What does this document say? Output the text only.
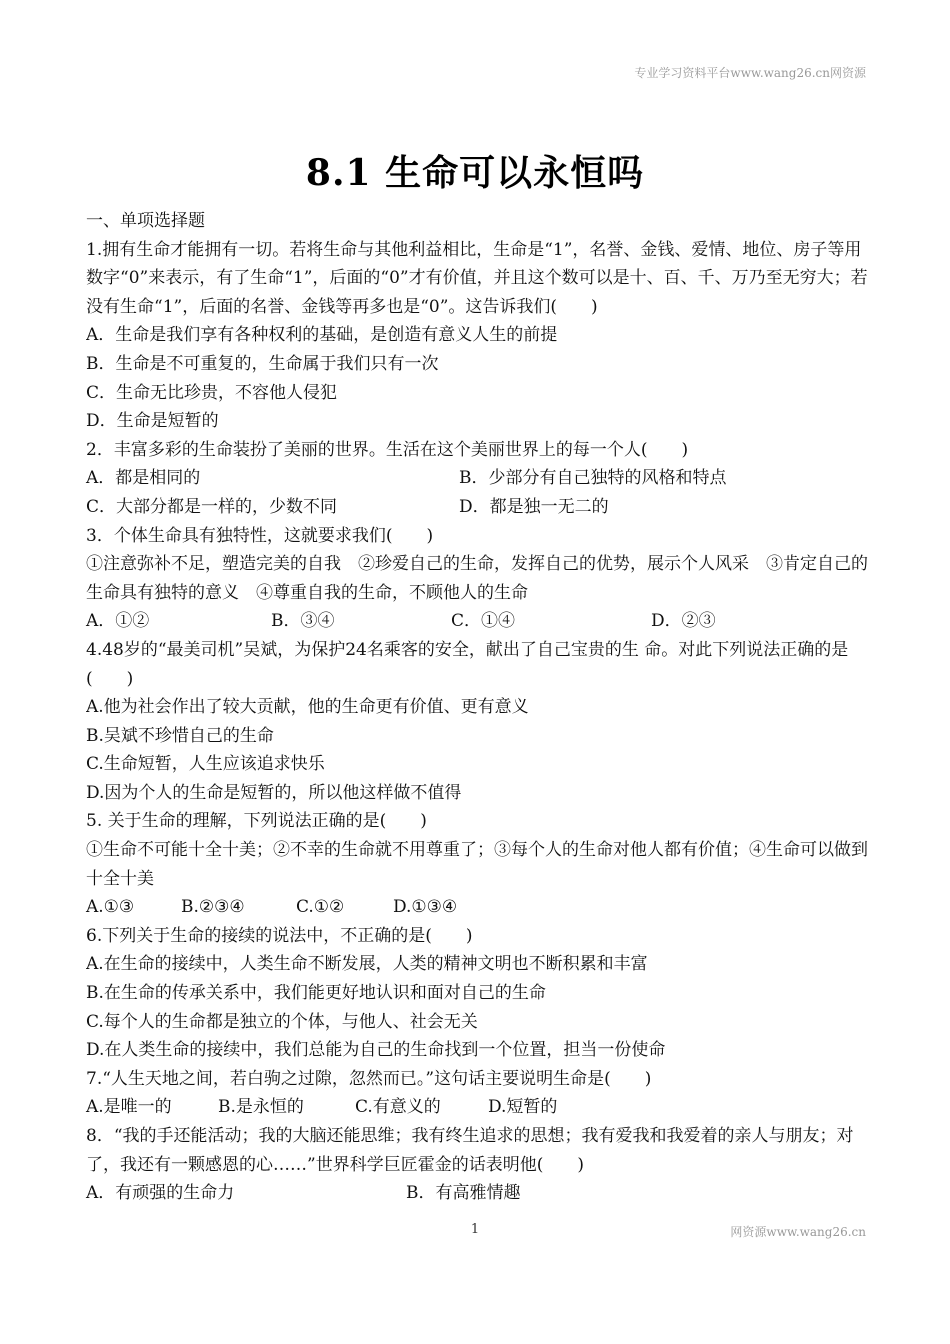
专业学习资料平台www.wang26.cn网资源
8.1 生命可以永恒吗
一、单项选择题
1.拥有生命才能拥有一切。若将生命与其他利益相比，生命是“1”，名誉、金钱、爱情、地位、房子等用数字“0”来表示，有了生命“1”，后面的“0”才有价值，并且这个数可以是十、百、千、万乃至无穷大；若没有生命“1”，后面的名誉、金钱等再多也是“0”。这告诉我们(　　)
A．生命是我们享有各种权利的基础，是创造有意义人生的前提
B．生命是不可重复的，生命属于我们只有一次
C．生命无比珍贵，不容他人侵犯
D．生命是短暂的
2．丰富多彩的生命装扮了美丽的世界。生活在这个美丽世界上的每一个人(　　)
A．都是相同的	B．少部分有自己独特的风格和特点
C．大部分都是一样的，少数不同	D．都是独一无二的
3．个体生命具有独特性，这就要求我们(　　)
①注意弥补不足，塑造完美的自我　②珍爱自己的生命，发挥自己的优势，展示个人风采　③肯定自己的生命具有独特的意义　④尊重自我的生命，不顾他人的生命
A．①②	B．③④	C．①④	D．②③
4.48岁的“最美司机”吴斌，为保护24名乘客的安全，献出了自己宝贵的生 命。对此下列说法正确的是(　　)
A.他为社会作出了较大贡献，他的生命更有价值、更有意义
B.吴斌不珍惜自己的生命
C.生命短暂，人生应该追求快乐
D.因为个人的生命是短暂的，所以他这样做不值得
5. 关于生命的理解，下列说法正确的是(　　)
①生命不可能十全十美；②不幸的生命就不用尊重了；③每个人的生命对他人都有价值；④生命可以做到十全十美
A.①③	B.②③④	C.①②	D.①③④
6.下列关于生命的接续的说法中，不正确的是(　　)
A.在生命的接续中，人类生命不断发展，人类的精神文明也不断积累和丰富
B.在生命的传承关系中，我们能更好地认识和面对自己的生命
C.每个人的生命都是独立的个体，与他人、社会无关
D.在人类生命的接续中，我们总能为自己的生命找到一个位置，担当一份使命
7.“人生天地之间，若白驹之过隙，忽然而已。”这句话主要说明生命是(　　)
A.是唯一的	B.是永恒的	C.有意义的	D.短暂的
8．“我的手还能活动；我的大脑还能思维；我有终生追求的思想；我有爱我和我爱着的亲人与朋友；对了，我还有一颗感恩的心……”世界科学巨匠霍金的话表明他(　　)
A．有顽强的生命力	B．有高雅情趣
1	网资源www.wang26.cn
